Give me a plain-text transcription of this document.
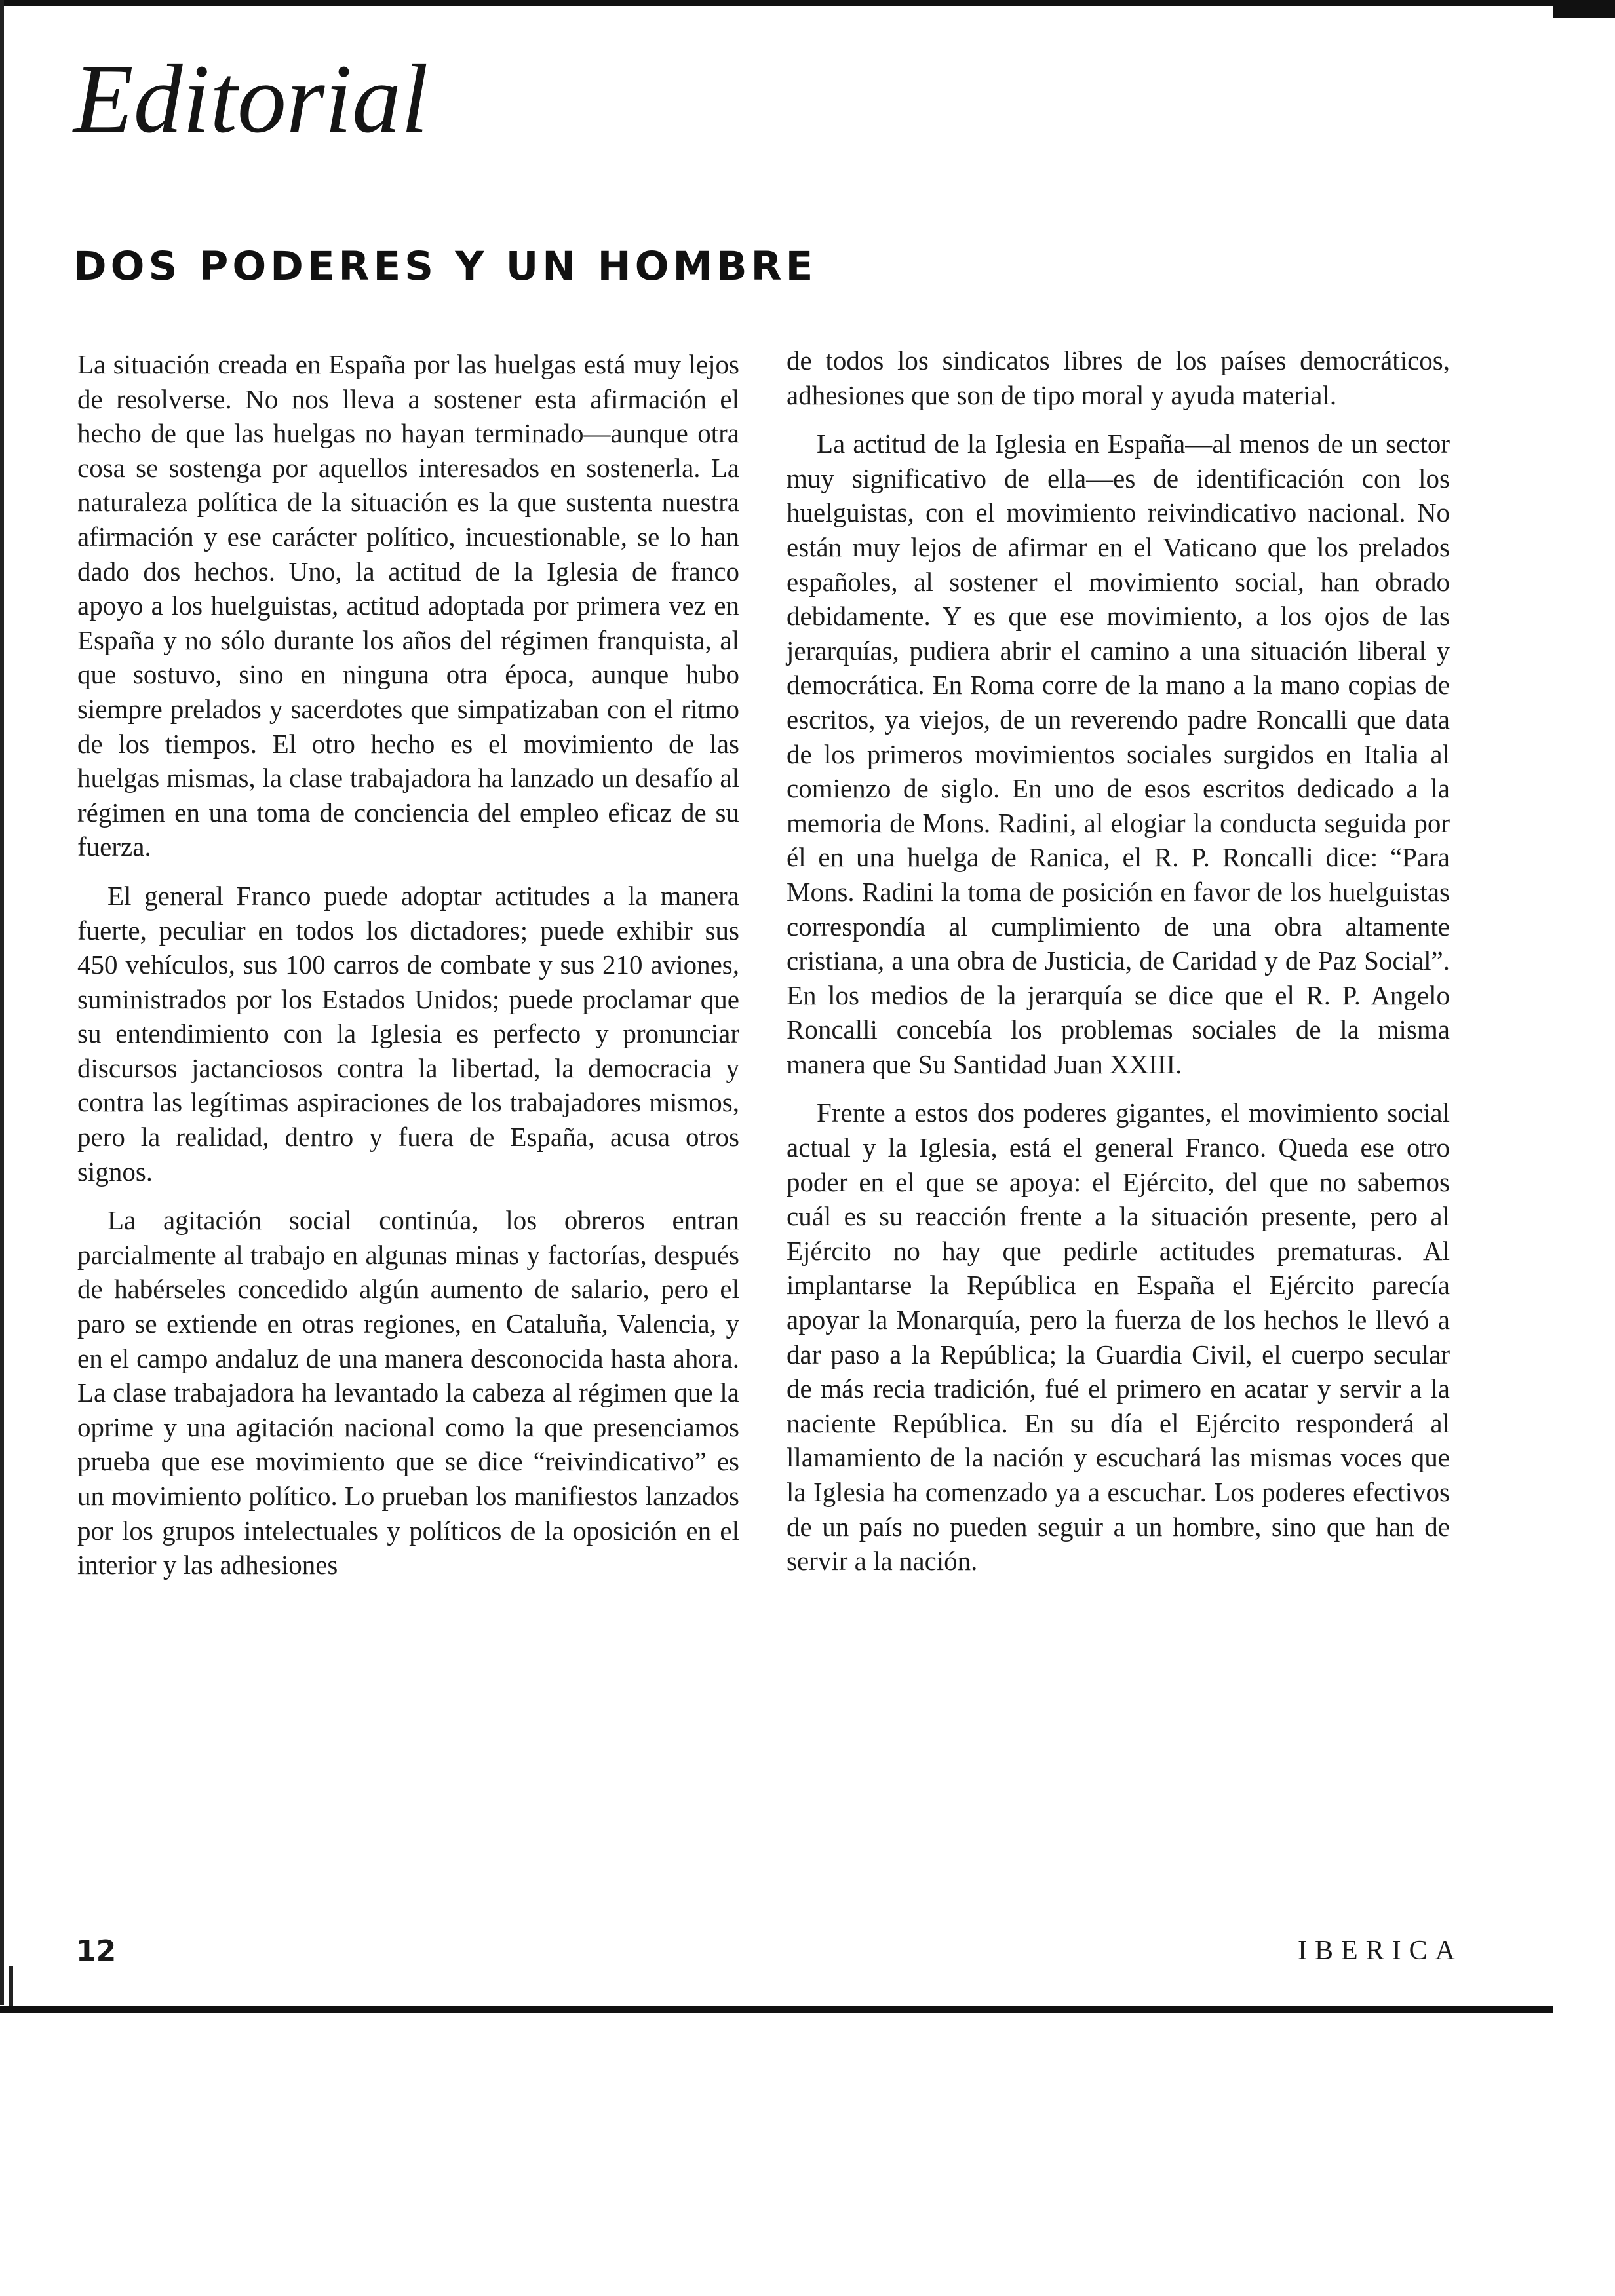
Editorial
DOS PODERES Y UN HOMBRE

La situación creada en España por las huelgas está muy lejos de resolverse. No nos lleva a sostener esta afirmación el hecho de que las huelgas no hayan terminado—aunque otra cosa se sostenga por aquellos interesados en sostenerla. La naturaleza política de la situación es la que sustenta nuestra afirmación y ese carácter político, incuestionable, se lo han dado dos hechos. Uno, la actitud de la Iglesia de franco apoyo a los huelguistas, actitud adoptada por primera vez en España y no sólo durante los años del régimen franquista, al que sostuvo, sino en ninguna otra época, aunque hubo siempre prelados y sacerdotes que simpatizaban con el ritmo de los tiempos. El otro hecho es el movimiento de las huelgas mismas, la clase trabajadora ha lanzado un desafío al régimen en una toma de conciencia del empleo eficaz de su fuerza.

El general Franco puede adoptar actitudes a la manera fuerte, peculiar en todos los dictadores; puede exhibir sus 450 vehículos, sus 100 carros de combate y sus 210 aviones, suministrados por los Estados Unidos; puede proclamar que su entendimiento con la Iglesia es perfecto y pronunciar discursos jactanciosos contra la libertad, la democracia y contra las legítimas aspiraciones de los trabajadores mismos, pero la realidad, dentro y fuera de España, acusa otros signos.

La agitación social continúa, los obreros entran parcialmente al trabajo en algunas minas y factorías, después de habérseles concedido algún aumento de salario, pero el paro se extiende en otras regiones, en Cataluña, Valencia, y en el campo andaluz de una manera desconocida hasta ahora. La clase trabajadora ha levantado la cabeza al régimen que la oprime y una agitación nacional como la que presenciamos prueba que ese movimiento que se dice “reivindicativo” es un movimiento político. Lo prueban los manifiestos lanzados por los grupos intelectuales y políticos de la oposición en el interior y las adhesiones

de todos los sindicatos libres de los países democráticos, adhesiones que son de tipo moral y ayuda material.

La actitud de la Iglesia en España—al menos de un sector muy significativo de ella—es de identificación con los huelguistas, con el movimiento reivindicativo nacional. No están muy lejos de afirmar en el Vaticano que los prelados españoles, al sostener el movimiento social, han obrado debidamente. Y es que ese movimiento, a los ojos de las jerarquías, pudiera abrir el camino a una situación liberal y democrática. En Roma corre de la mano a la mano copias de escritos, ya viejos, de un reverendo padre Roncalli que data de los primeros movimientos sociales surgidos en Italia al comienzo de siglo. En uno de esos escritos dedicado a la memoria de Mons. Radini, al elogiar la conducta seguida por él en una huelga de Ranica, el R. P. Roncalli dice: “Para Mons. Radini la toma de posición en favor de los huelguistas correspondía al cumplimiento de una obra altamente cristiana, a una obra de Justicia, de Caridad y de Paz Social”. En los medios de la jerarquía se dice que el R. P. Angelo Roncalli concebía los problemas sociales de la misma manera que Su Santidad Juan XXIII.

Frente a estos dos poderes gigantes, el movimiento social actual y la Iglesia, está el general Franco. Queda ese otro poder en el que se apoya: el Ejército, del que no sabemos cuál es su reacción frente a la situación presente, pero al Ejército no hay que pedirle actitudes prematuras. Al implantarse la República en España el Ejército parecía apoyar la Monarquía, pero la fuerza de los hechos le llevó a dar paso a la República; la Guardia Civil, el cuerpo secular de más recia tradición, fué el primero en acatar y servir a la naciente República. En su día el Ejército responderá al llamamiento de la nación y escuchará las mismas voces que la Iglesia ha comenzado ya a escuchar. Los poderes efectivos de un país no pueden seguir a un hombre, sino que han de servir a la nación.

12	IBERICA
